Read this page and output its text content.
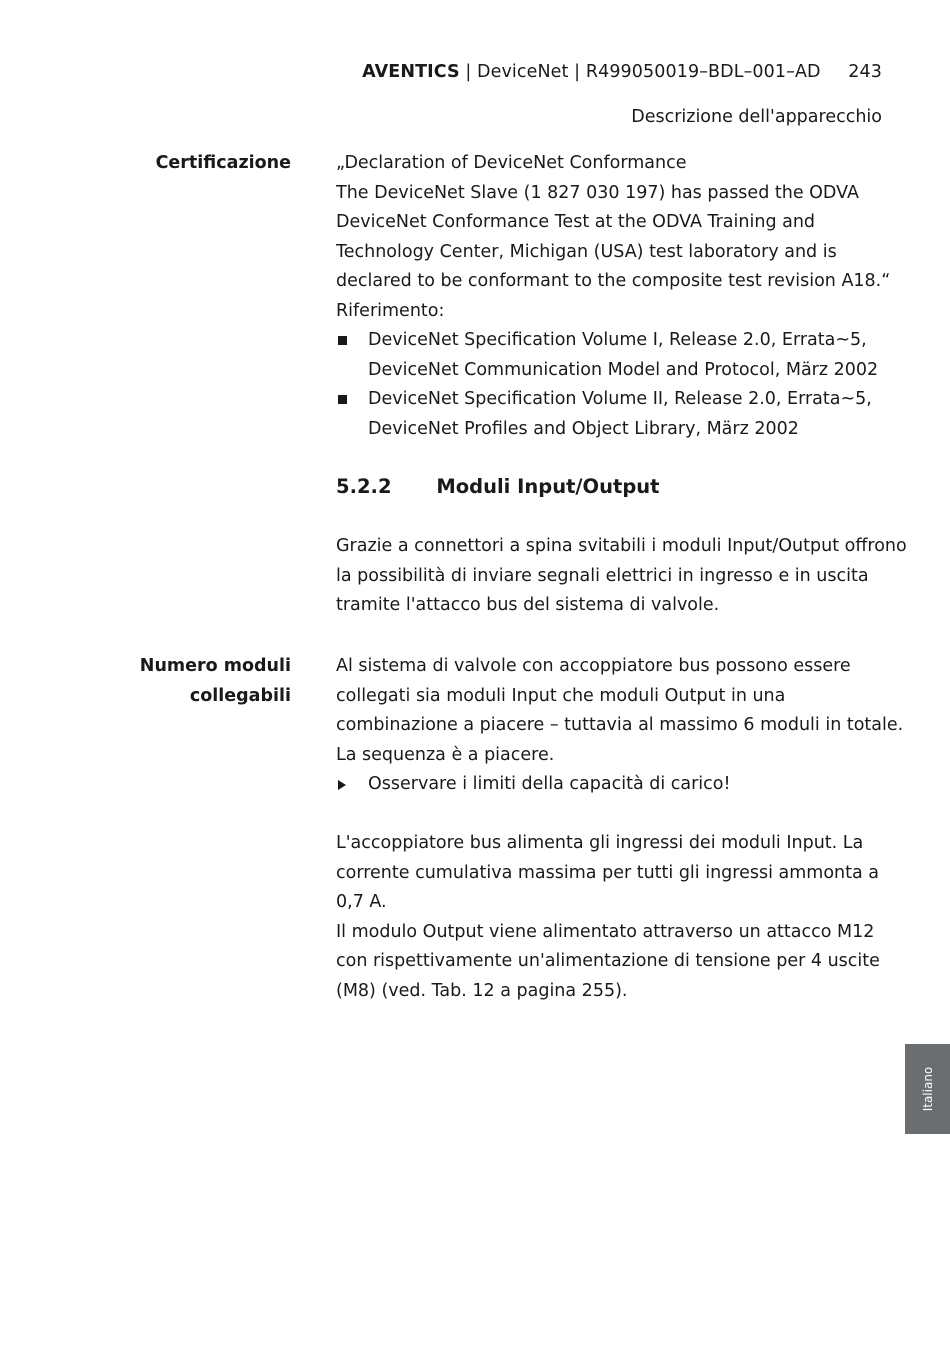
AVENTICS | DeviceNet | R499050019–BDL–001–AD 243
Descrizione dell'apparecchio
Certificazione	„Declaration of DeviceNet Conformance
The DeviceNet Slave (1 827 030 197) has passed the ODVA
DeviceNet Conformance Test at the ODVA Training and
Technology Center, Michigan (USA) test laboratory and is
declared to be conformant to the composite test revision A18.“
Riferimento:
DeviceNet Specification Volume I, Release 2.0, Errata~5,
DeviceNet Communication Model and Protocol, März 2002
DeviceNet Specification Volume II, Release 2.0, Errata~5,
DeviceNet Profiles and Object Library, März 2002
5.2.2 Moduli Input/Output
Grazie a connettori a spina svitabili i moduli Input/Output offrono
la possibilità di inviare segnali elettrici in ingresso e in uscita
tramite l'attacco bus del sistema di valvole.
Numero moduli
collegabili
Al sistema di valvole con accoppiatore bus possono essere
collegati sia moduli Input che moduli Output in una
combinazione a piacere – tuttavia al massimo 6 moduli in totale.
La sequenza è a piacere.
Osservare i limiti della capacità di carico!
L'accoppiatore bus alimenta gli ingressi dei moduli Input. La
corrente cumulativa massima per tutti gli ingressi ammonta a
0,7 A.
Il modulo Output viene alimentato attraverso un attacco M12
con rispettivamente un'alimentazione di tensione per 4 uscite
(M8) (ved. Tab. 12 a pagina 255).
Italiano
